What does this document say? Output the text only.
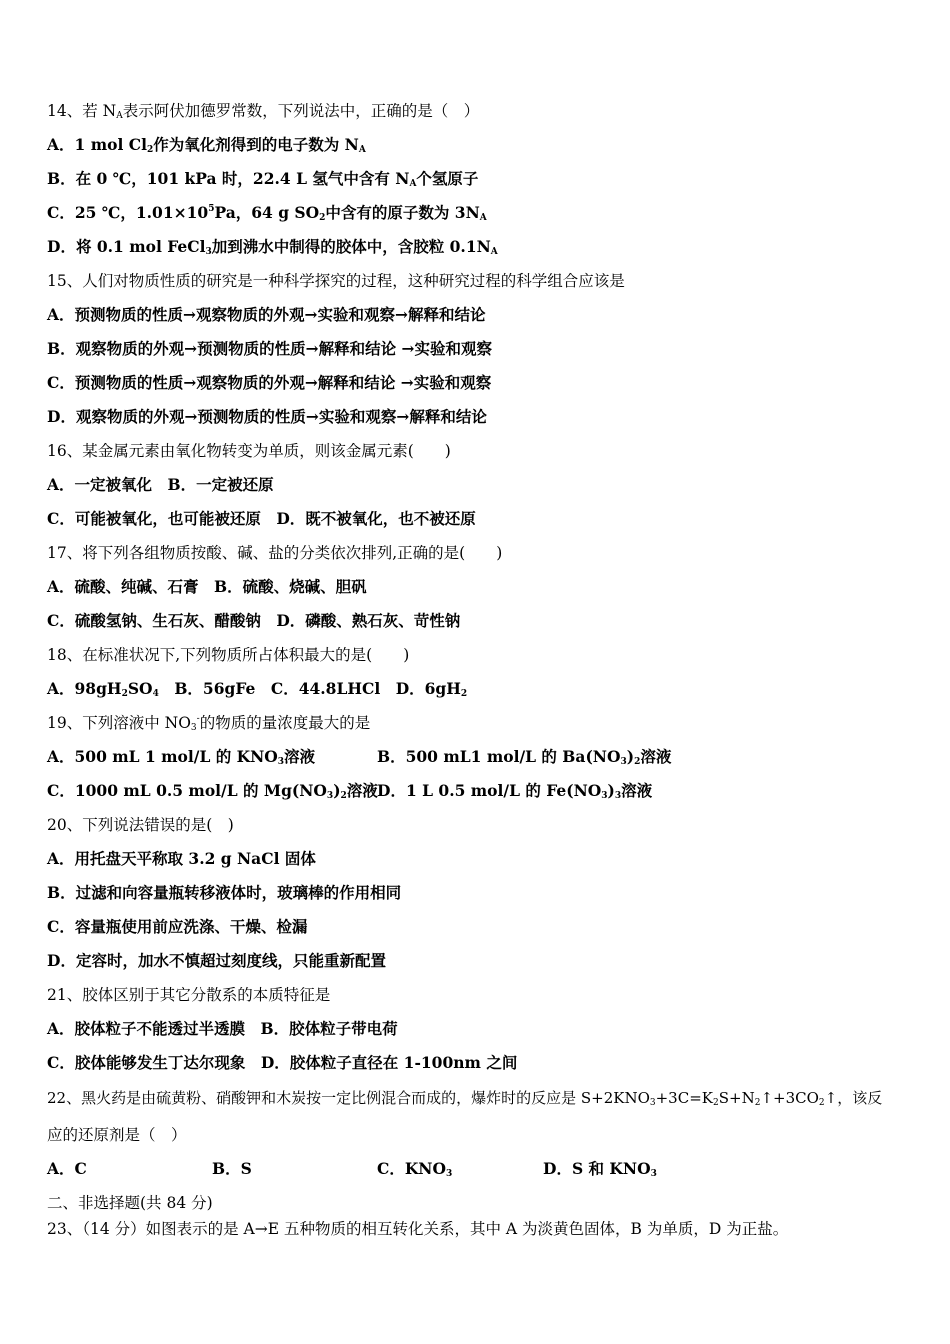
14、若 $N_A$表示阿伏加德罗常数，下列说法中，正确的是（　）
A．1 mol $Cl_2$作为氧化剂得到的电子数为 $N_A$
B．在 0 ℃，101 kPa 时，22.4 L 氢气中含有 $N_A$个氢原子
C．25 ℃，$1.01\times 10^5Pa$，64 g $SO_2$中含有的原子数为 $3N_A$
D．将 0.1 mol FeCl$_3$加到沸水中制得的胶体中，含胶粒 $0.1N_A$
15、人们对物质性质的研究是一种科学探究的过程，这种研究过程的科学组合应该是
A．预测物质的性质→观察物质的外观→实验和观察→解释和结论
B．观察物质的外观→预测物质的性质→解释和结论 →实验和观察
C．预测物质的性质→观察物质的外观→解释和结论 →实验和观察
D．观察物质的外观→预测物质的性质→实验和观察→解释和结论
16、某金属元素由氧化物转变为单质，则该金属元素(　　)
A．一定被氧化　B．一定被还原
C．可能被氧化，也可能被还原　D．既不被氧化，也不被还原
17、将下列各组物质按酸、碱、盐的分类依次排列,正确的是(　　)
A．硫酸、纯碱、石膏　B．硫酸、烧碱、胆矾
C．硫酸氢钠、生石灰、醋酸钠　D．磷酸、熟石灰、苛性钠
18、在标准状况下,下列物质所占体积最大的是(　　)
A．$98gH_2SO_4$　B．56gFe　C．44.8LHCl　D．$6gH_2$
19、下列溶液中 $NO_3^-$的物质的量浓度最大的是
A．500 mL 1 mol/L 的 $KNO_3$溶液	B．500 mL1 mol/L 的 $Ba(NO_3)_2$溶液
C．1000 mL 0.5 mol/L 的 $Mg(NO_3)_2$溶液 D．1 L 0.5 mol/L 的 $Fe(NO_3)_3$溶液
20、下列说法错误的是(　)
A．用托盘天平称取 3.2 g NaCl 固体
B．过滤和向容量瓶转移液体时，玻璃棒的作用相同
C．容量瓶使用前应洗涤、干燥、检漏
D．定容时，加水不慎超过刻度线，只能重新配置
21、胶体区别于其它分散系的本质特征是
A．胶体粒子不能透过半透膜　B．胶体粒子带电荷
C．胶体能够发生丁达尔现象　D．胶体粒子直径在 1-100nm 之间
22、黑火药是由硫黄粉、硝酸钾和木炭按一定比例混合而成的，爆炸时的反应是 $S+2KNO_3+3C=K_2S+N_2↑+3CO_2↑$，该反
应的还原剂是（　）
A．C	B．S	C．$KNO_3$	D．S 和 $KNO_3$
二、非选择题(共 84 分)
23、（14 分）如图表示的是 A→E 五种物质的相互转化关系，其中 A 为淡黄色固体，B 为单质，D 为正盐。
